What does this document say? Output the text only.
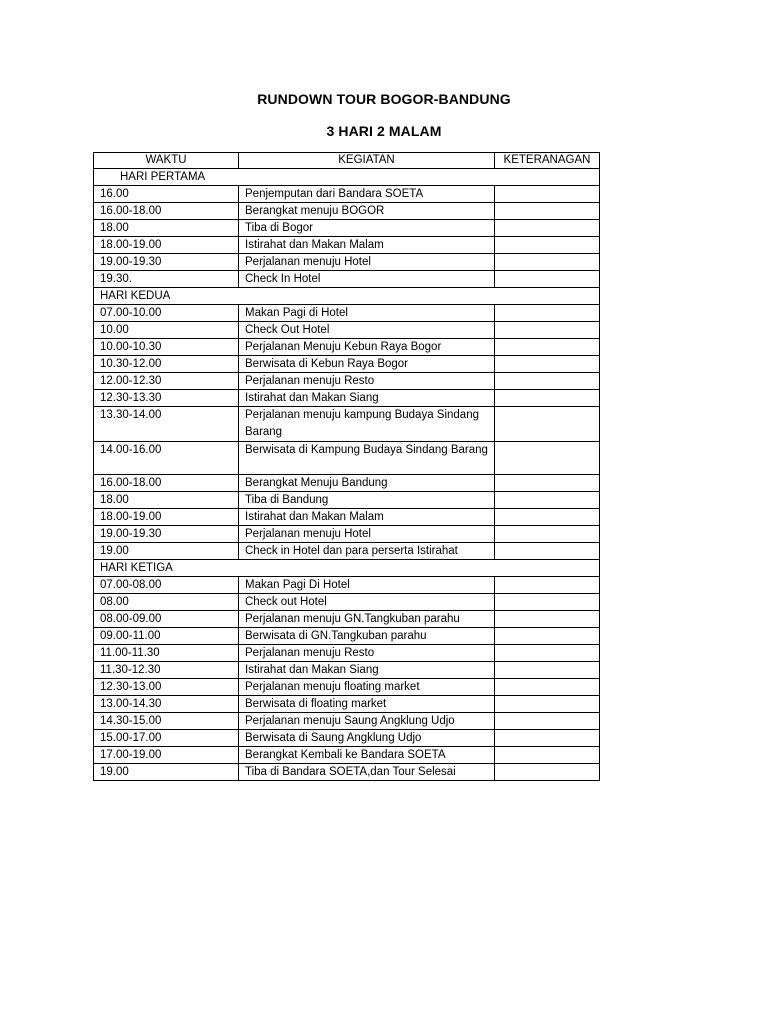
RUNDOWN TOUR BOGOR-BANDUNG
3 HARI 2 MALAM
WAKTU	KEGIATAN	KETERANAGAN
HARI PERTAMA		
16.00	Penjemputan dari Bandara SOETA	
16.00-18.00	Berangkat menuju BOGOR	
18.00	Tiba di Bogor	
18.00-19.00	Istirahat dan Makan Malam	
19.00-19.30	Perjalanan menuju Hotel	
19.30.	Check In Hotel	
HARI KEDUA		
07.00-10.00	Makan Pagi di Hotel	
10.00	Check Out Hotel	
10.00-10.30	Perjalanan Menuju Kebun Raya Bogor	
10.30-12.00	Berwisata di Kebun Raya Bogor	
12.00-12.30	Perjalanan menuju Resto	
12.30-13.30	Istirahat dan Makan Siang	
13.30-14.00	Perjalanan menuju kampung Budaya Sindang Barang	
14.00-16.00	Berwisata di Kampung Budaya Sindang Barang	
16.00-18.00	Berangkat Menuju Bandung	
18.00	Tiba di Bandung	
18.00-19.00	Istirahat dan Makan Malam	
19.00-19.30	Perjalanan menuju Hotel	
19.00	Check in Hotel dan para perserta Istirahat	
HARI KETIGA		
07.00-08.00	Makan Pagi Di Hotel	
08.00	Check out Hotel	
08.00-09.00	Perjalanan menuju GN.Tangkuban parahu	
09.00-11.00	Berwisata di GN.Tangkuban parahu	
11.00-11.30	Perjalanan menuju Resto	
11.30-12.30	Istirahat dan Makan Siang	
12.30-13.00	Perjalanan menuju floating market	
13.00-14.30	Berwisata di floating market	
14.30-15.00	Perjalanan menuju Saung Angklung Udjo	
15.00-17.00	Berwisata di Saung Angklung Udjo	
17.00-19.00	Berangkat Kembali ke Bandara SOETA	
19.00	Tiba di Bandara SOETA,dan Tour Selesai	
